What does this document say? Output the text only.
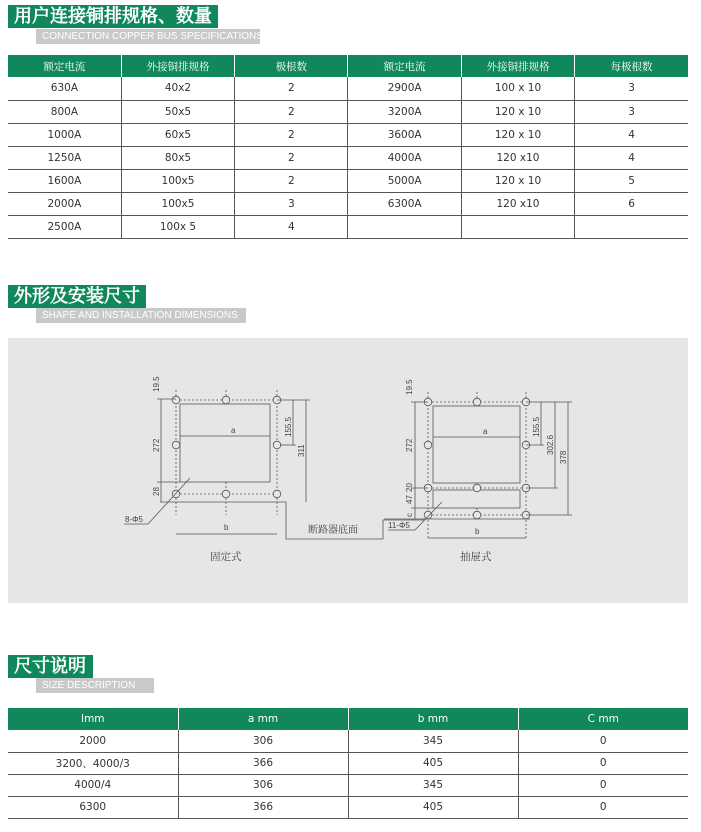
用户连接铜排规格、数量
CONNECTION COPPER BUS SPECIFICATIONS
额定电流	外接铜排规格	极根数	额定电流	外接铜排规格	每极根数
630A	40x2	2	2900A	100 x 10	3
800A	50x5	2	3200A	120 x 10	3
1000A	60x5	2	3600A	120 x 10	4
1250A	80x5	2	4000A	120 x10	4
1600A	100x5	2	5000A	120 x 10	5
2000A	100x5	3	6300A	120 x10	6
2500A	100x 5	4			
外形及安装尺寸
SHAPE AND INSTALLATION DIMENSIONS
19.5
272
28
155.5
311
a
b
8-Φ5
断路器底面
固定式
19.5
272
20
47
c
155.5
302.6
378
a
b
11-Φ5
抽屉式
尺寸说明
SIZE DESCRIPTION
Imm	a mm	b mm	C mm
2000	306	345	0
3200、4000/3	366	405	0
4000/4	306	345	0
6300	366	405	0
